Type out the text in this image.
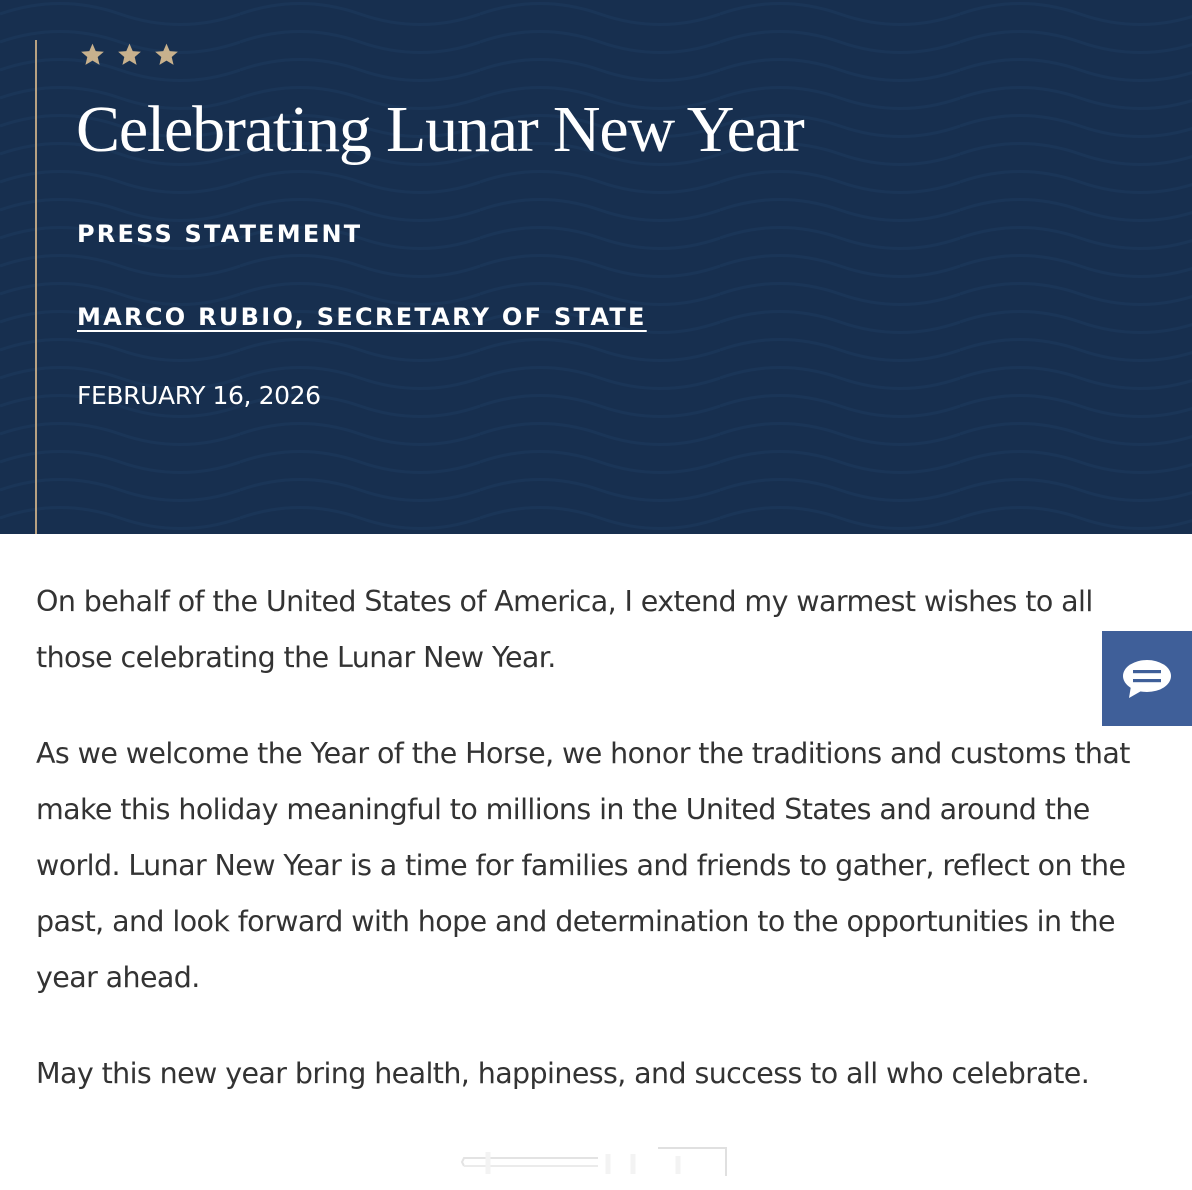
Celebrating Lunar New Year
PRESS STATEMENT
MARCO RUBIO, SECRETARY OF STATE
FEBRUARY 16, 2026

On behalf of the United States of America, I extend my warmest wishes to all those celebrating the Lunar New Year.

As we welcome the Year of the Horse, we honor the traditions and customs that make this holiday meaningful to millions in the United States and around the world. Lunar New Year is a time for families and friends to gather, reflect on the past, and look forward with hope and determination to the opportunities in the year ahead.

May this new year bring health, happiness, and success to all who celebrate.
